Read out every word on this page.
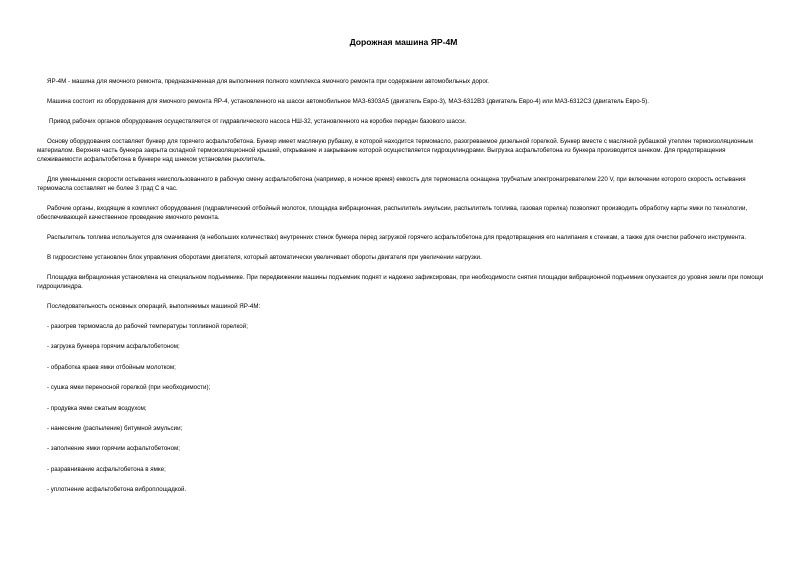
Дорожная машина ЯР-4М

ЯР-4М - машина для ямочного ремонта, предназначенная для выполнения полного комплекса ямочного ремонта при содержании автомобильных дорог.

Машина состоит из оборудования для ямочного ремонта ЯР-4, установленного на шасси автомобильное МАЗ-6303А5 (двигатель Евро-3), МАЗ-6312В3 (двигатель Евро-4) или МАЗ-6312С3 (двигатель Евро-5).

Привод рабочих органов оборудования осуществляется от гидравлического насоса НШ-32, установленного на коробке передач базового шасси.

Основу оборудования составляет бункер для горячего асфальтобетона. Бункер имеет масляную рубашку, в которой находится термомасло, разогреваемое дизельной горелкой. Бункер вместе с масляной рубашкой утеплен термоизоляционным материалом. Верхняя часть бункера закрыта складной термоизоляционной крышей, открывание и закрывание которой осуществляется гидроцилиндрами. Выгрузка асфальтобетона из бункера производится шнеком. Для предотвращения слеживаемости асфальтобетона в бункере над шнеком установлен рыхлитель.

Для уменьшения скорости остывания неиспользованного в рабочую смену асфальтобетона (например, в ночное время) емкость для термомасла оснащена трубчатым электронагревателем 220 V, при включении которого скорость остывания термомасла составляет не более 3 град С в час.

Рабочие органы, входящие в комплект оборудования (гидравлический отбойный молоток, площадка вибрационная, распылитель эмульсии, распылитель топлива, газовая горелка) позволяют производить обработку карты ямки по технологии, обеспечивающей качественное проведение ямочного ремонта.

Распылитель топлива используется для смачивания (в небольших количествах) внутренних стенок бункера перед загрузкой горячего асфальтобетона для предотвращения его налипания к стенкам, а также для очистки рабочего инструмента.

В гидросистеме установлен блок управления оборотами двигателя, который автоматически увеличивает обороты двигателя при увеличении нагрузки.

Площадка вибрационная установлена на специальном подъемнике. При передвижении машины подъемник поднят и надежно зафиксирован, при необходимости снятия площадки вибрационной подъемник опускается до уровня земли при помощи гидроцилиндра.

Последовательность основных операций, выполняемых машиной ЯР-4М:

- разогрев термомасла до рабочей температуры топливной горелкой;
- загрузка бункера горячим асфальтобетоном;
- обработка краев ямки отбойным молотком;
- сушка ямки переносной горелкой (при необходимости);
- продувка ямки сжатым воздухом;
- нанесение (распыление) битумной эмульсии;
- заполнение ямки горячим асфальтобетоном;
- разравнивание асфальтобетона в ямке;
- уплотнение асфальтобетона виброплощадкой.
